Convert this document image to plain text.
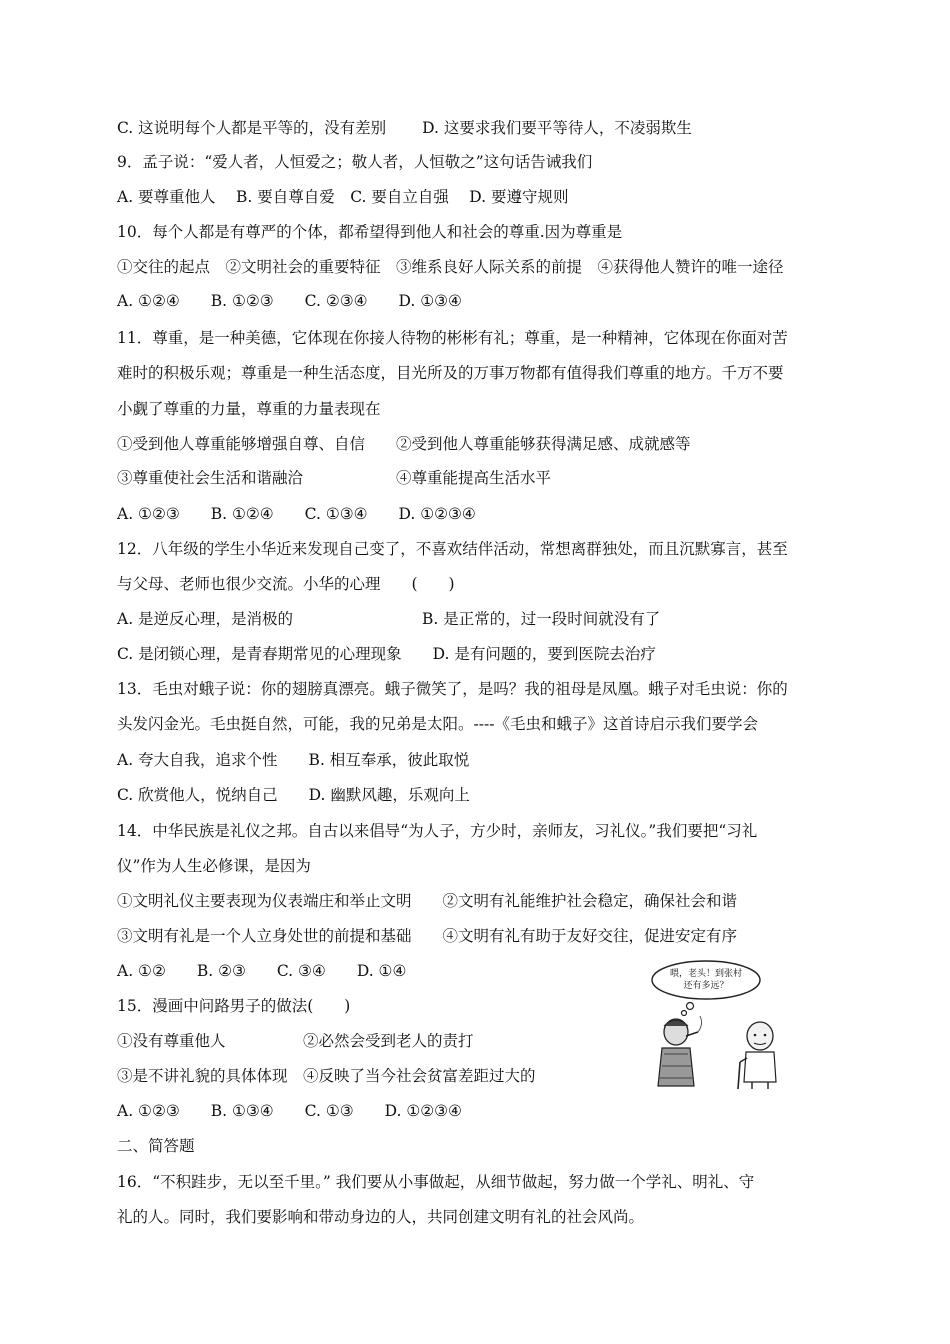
C. 这说明每个人都是平等的，没有差别　　 D. 这要求我们要平等待人，不凌弱欺生
9．孟子说：“爱人者，人恒爱之；敬人者，人恒敬之”这句话告诫我们
A. 要尊重他人　 B. 要自尊自爱　C. 要自立自强　 D. 要遵守规则
10．每个人都是有尊严的个体，都希望得到他人和社会的尊重.因为尊重是
①交往的起点　②文明社会的重要特征　③维系良好人际关系的前提　④获得他人赞许的唯一途径
A. ①②④　　B. ①②③　　C. ②③④　　D. ①③④
11．尊重，是一种美德，它体现在你接人待物的彬彬有礼；尊重，是一种精神，它体现在你面对苦
难时的积极乐观；尊重是一种生活态度，目光所及的万事万物都有值得我们尊重的地方。千万不要
小觑了尊重的力量，尊重的力量表现在
①受到他人尊重能够增强自尊、自信　　②受到他人尊重能够获得满足感、成就感等
③尊重使社会生活和谐融洽　　　　　　④尊重能提高生活水平
A. ①②③　　B. ①②④　　C. ①③④　　D. ①②③④
12．八年级的学生小华近来发现自己变了，不喜欢结伴活动，常想离群独处，而且沉默寡言，甚至
与父母、老师也很少交流。小华的心理　　(　　)
A. 是逆反心理，是消极的　　　　　　　　 B. 是正常的，过一段时间就没有了
C. 是闭锁心理，是青春期常见的心理现象　　D. 是有问题的，要到医院去治疗
13．毛虫对蛾子说：你的翅膀真漂亮。蛾子微笑了，是吗？我的祖母是凤凰。蛾子对毛虫说：你的
头发闪金光。毛虫挺自然，可能，我的兄弟是太阳。----《毛虫和蛾子》这首诗启示我们要学会
A. 夸大自我，追求个性　　B. 相互奉承，彼此取悦
C. 欣赏他人，悦纳自己　　D. 幽默风趣，乐观向上
14．中华民族是礼仪之邦。自古以来倡导“为人子，方少时，亲师友，习礼仪。”我们要把“习礼
仪”作为人生必修课，是因为
①文明礼仪主要表现为仪表端庄和举止文明　　②文明有礼能维护社会稳定，确保社会和谐
③文明有礼是一个人立身处世的前提和基础　　④文明有礼有助于友好交往，促进安定有序
A. ①②　　B. ②③　　C. ③④　　D. ①④
15．漫画中问路男子的做法(　　)
①没有尊重他人　　　　　②必然会受到老人的责打
③是不讲礼貌的具体体现　④反映了当今社会贫富差距过大的
A. ①②③　　B. ①③④　　C. ①③　　D. ①②③④
二、简答题
16．“不积跬步，无以至千里。” 我们要从小事做起，从细节做起，努力做一个学礼、明礼、守
礼的人。同时，我们要影响和带动身边的人，共同创建文明有礼的社会风尚。
喂，老头！到张村
还有多远？
